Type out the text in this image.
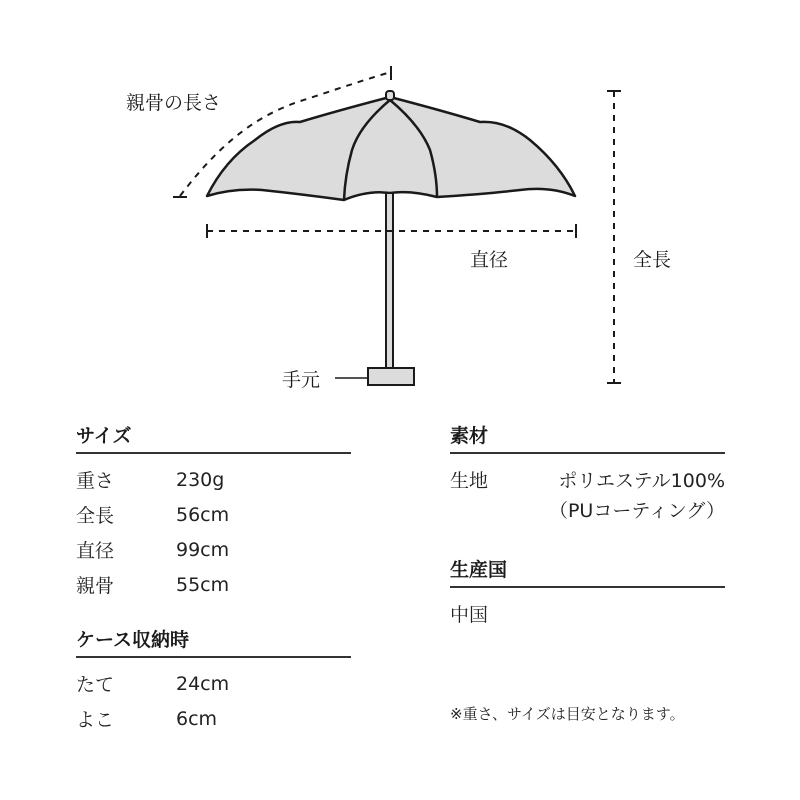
親骨の長さ
直径	全長
手元
サイズ
重さ	230g
全長	56cm
直径	99cm
親骨	55cm
ケース収納時
たて	24cm
よこ	6cm
素材
生地	ポリエステル100%
（PUコーティング）
生産国
中国
※重さ、サイズは目安となります。
